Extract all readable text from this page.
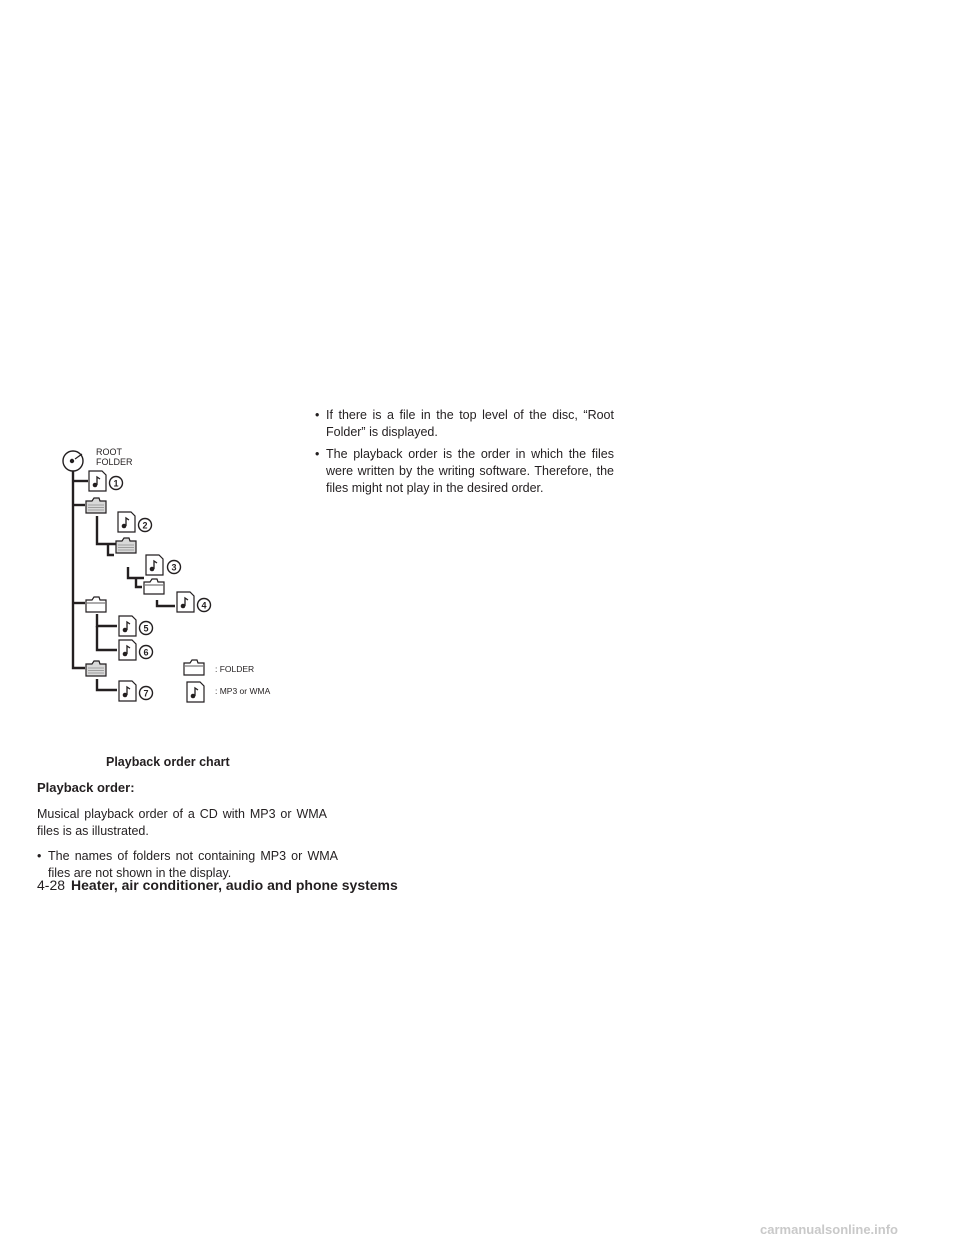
• If there is a file in the top level of the disc, “Root Folder” is displayed.
• The playback order is the order in which the files were written by the writing software. Therefore, the files might not play in the desired order.
ROOT
FOLDER
1
2
3
4
5
6
7
: FOLDER
: MP3 or WMA
Playback order chart
Playback order:
Musical playback order of a CD with MP3 or WMA files is as illustrated.
• The names of folders not containing MP3 or WMA files are not shown in the display.
4-28 Heater, air conditioner, audio and phone systems
carmanualsonline.info
